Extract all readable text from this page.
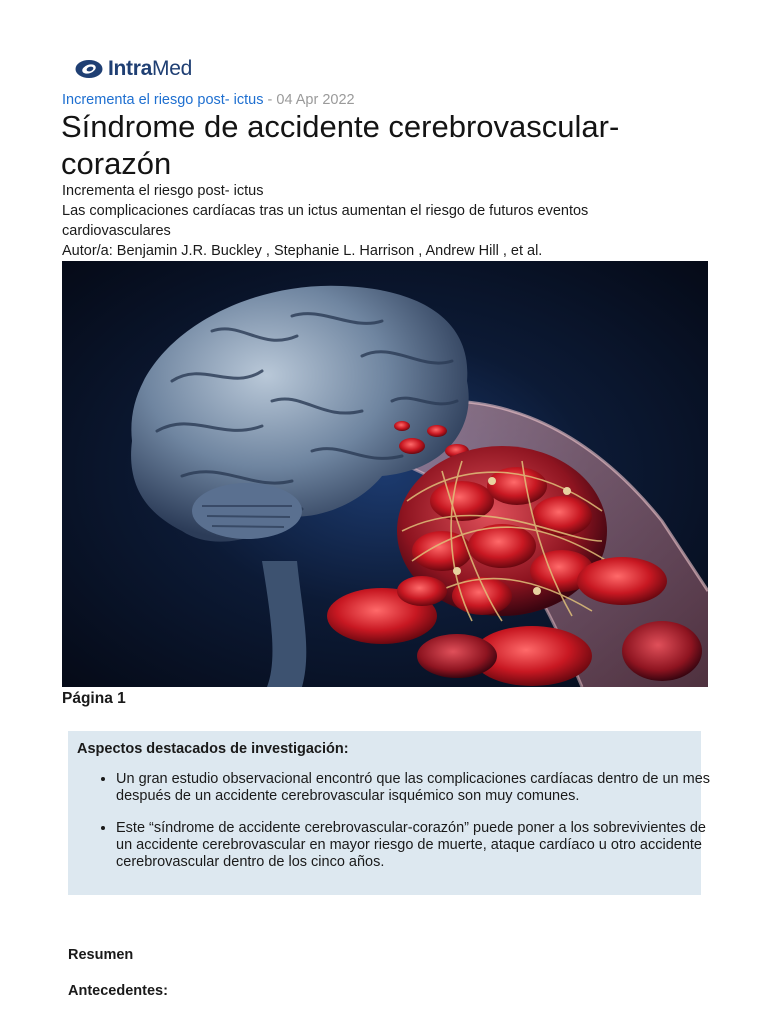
IntraMed
Incrementa el riesgo post- ictus - 04 Apr 2022
Síndrome de accidente cerebrovascular-corazón
Incrementa el riesgo post- ictus
Las complicaciones cardíacas tras un ictus aumentan el riesgo de futuros eventos cardiovasculares
Autor/a: Benjamin J.R. Buckley , Stephanie L. Harrison , Andrew Hill , et al.
Página 1
Aspectos destacados de investigación:
• Un gran estudio observacional encontró que las complicaciones cardíacas dentro de un mes después de un accidente cerebrovascular isquémico son muy comunes.
• Este “síndrome de accidente cerebrovascular-corazón” puede poner a los sobrevivientes de un accidente cerebrovascular en mayor riesgo de muerte, ataque cardíaco u otro accidente cerebrovascular dentro de los cinco años.
Resumen
Antecedentes:
